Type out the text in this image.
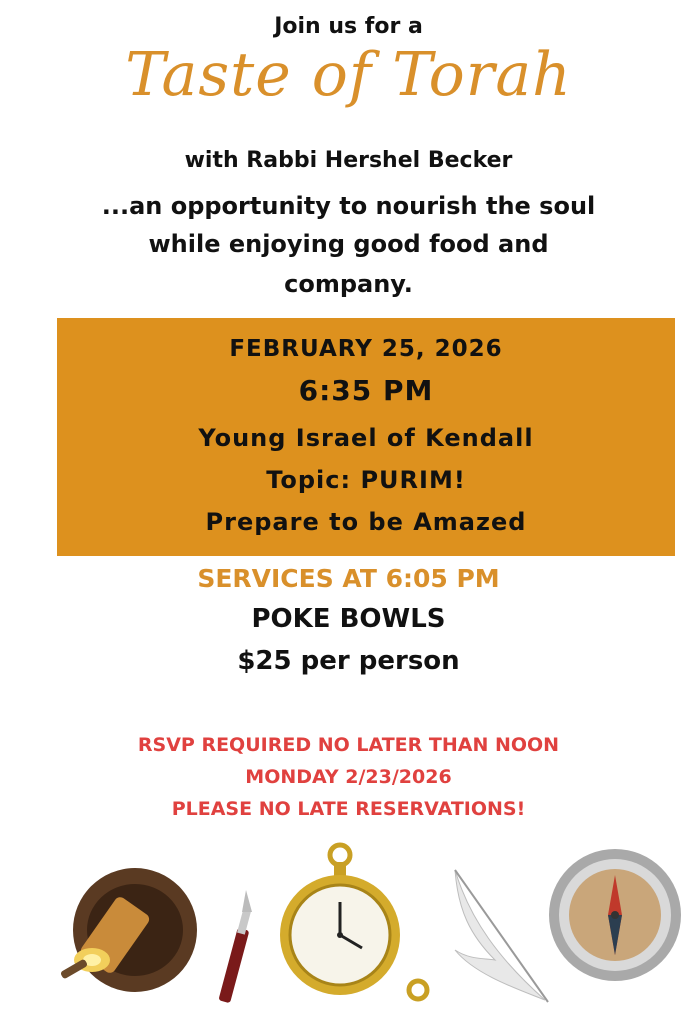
Join us for a
Taste of Torah
with Rabbi Hershel Becker
...an opportunity to nourish the soul
while enjoying good food and
company.
FEBRUARY 25, 2026
6:35 PM
Young Israel of Kendall
Topic: PURIM!
Prepare to be Amazed
SERVICES AT 6:05 PM
POKE BOWLS
$25 per person
RSVP REQUIRED NO LATER THAN NOON
MONDAY 2/23/2026
PLEASE NO LATE RESERVATIONS!
